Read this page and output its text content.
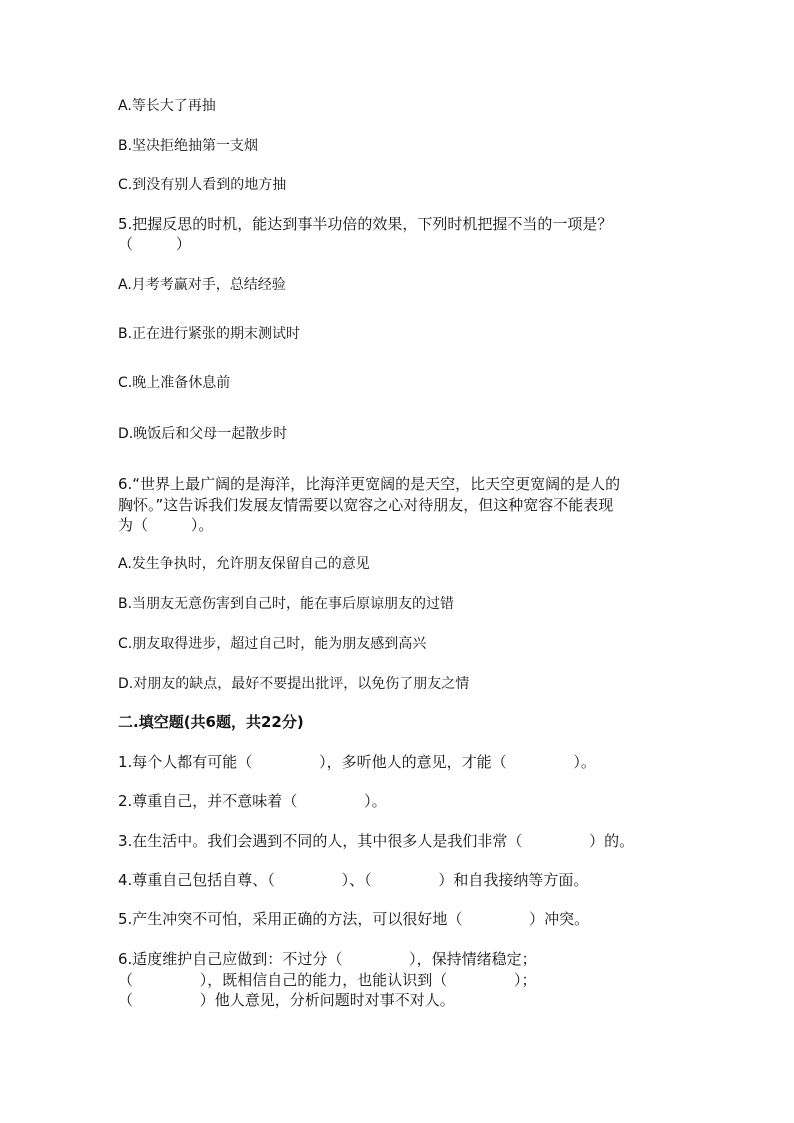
A.等长大了再抽
B.坚决拒绝抽第一支烟
C.到没有别人看到的地方抽
5.把握反思的时机，能达到事半功倍的效果，下列时机把握不当的一项是？
（         ）
A.月考考赢对手，总结经验
B.正在进行紧张的期末测试时
C.晚上准备休息前
D.晚饭后和父母一起散步时
6.“世界上最广阔的是海洋，比海洋更宽阔的是天空，比天空更宽阔的是人的
胸怀。”这告诉我们发展友情需要以宽容之心对待朋友，但这种宽容不能表现
为（         ）。
A.发生争执时，允许朋友保留自己的意见
B.当朋友无意伤害到自己时，能在事后原谅朋友的过错
C.朋友取得进步，超过自己时，能为朋友感到高兴
D.对朋友的缺点，最好不要提出批评，以免伤了朋友之情
二.填空题(共6题，共22分)
1.每个人都有可能（              ），多听他人的意见，才能（              ）。
2.尊重自己，并不意味着（              ）。
3.在生活中。我们会遇到不同的人，其中很多人是我们非常（              ）的。
4.尊重自己包括自尊、（              ）、（              ）和自我接纳等方面。
5.产生冲突不可怕，采用正确的方法，可以很好地（              ）冲突。
6.适度维护自己应做到：不过分（              ），保持情绪稳定；
（              ），既相信自己的能力，也能认识到（              ）；
（              ）他人意见，分析问题时对事不对人。
